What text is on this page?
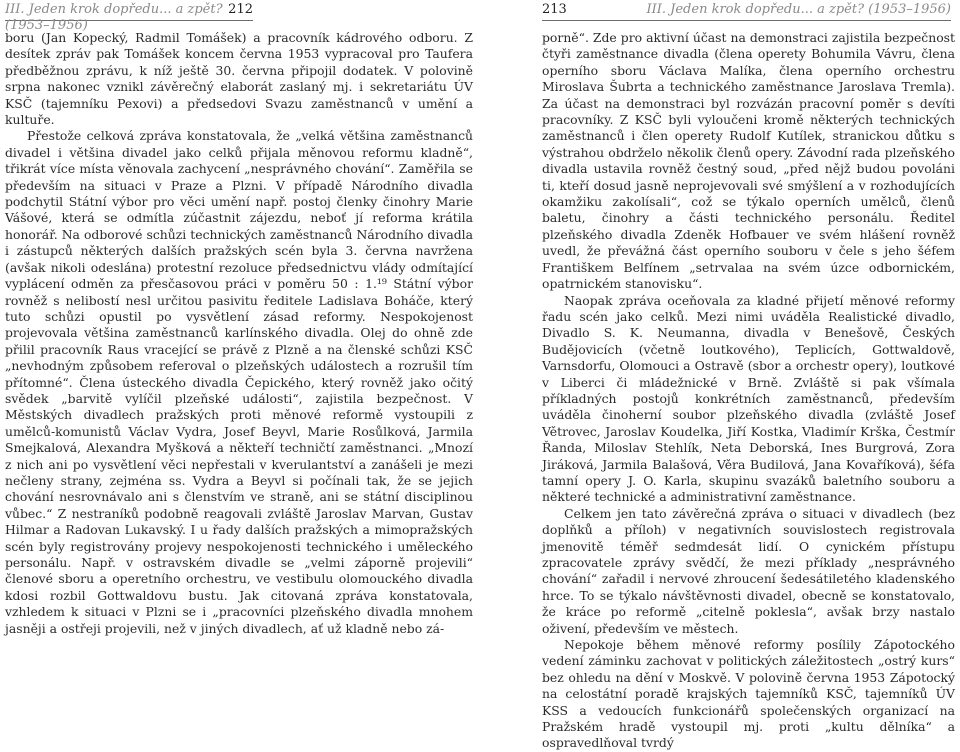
III. Jeden krok dopředu... a zpět? (1953–1956)
212

boru (Jan Kopecký, Radmil Tomášek) a pracovník kádrového odboru. Z desítek zpráv pak Tomášek koncem června 1953 vypracoval pro Taufera předběžnou zprávu, k níž ještě 30. června připojil dodatek. V polovině srpna nakonec vznikl závěrečný elaborát zaslaný mj. i sekretariátu ÚV KSČ (tajemníku Pexovi) a předsedovi Svazu zaměstnanců v umění a kultuře.

Přestože celková zpráva konstatovala, že „velká většina zaměstnanců divadel i většina divadel jako celků přijala měnovou reformu kladně“, třikrát více místa věnovala zachycení „nesprávného chování“. Zaměřila se především na situaci v Praze a Plzni. V případě Národního divadla podchytil Státní výbor pro věci umění např. postoj členky činohry Marie Vášové, která se odmítla zúčastnit zájezdu, neboť jí reforma krátila honorář. Na odborové schůzi technických zaměstnanců Národního divadla i zástupců některých dalších pražských scén byla 3. června navržena (avšak nikoli odeslána) protestní rezoluce předsednictvu vlády odmítající vyplácení odměn za přesčasovou práci v poměru 50 : 1.¹⁹ Státní výbor rovněž s nelibostí nesl určitou pasivitu ředitele Ladislava Boháče, který tuto schůzi opustil po vysvětlení zásad reformy. Nespokojenost projevovala většina zaměstnanců karlínského divadla. Olej do ohně zde přilil pracovník Raus vracející se právě z Plzně a na členské schůzi KSČ „nevhodným způsobem referoval o plzeňských událostech a rozrušil tím přítomné“. Člena ústeckého divadla Čepického, který rovněž jako očitý svědek „barvitě vylíčil plzeňské události“, zajistila bezpečnost. V Městských divadlech pražských proti měnové reformě vystoupili z umělců-komunistů Václav Vydra, Josef Beyvl, Marie Rosůlková, Jarmila Smejkalová, Alexandra Myšková a někteří techničtí zaměstnanci. „Mnozí z nich ani po vysvětlení věci nepřestali v kverulantství a zanášeli je mezi nečleny strany, zejména ss. Vydra a Beyvl si počínali tak, že se jejich chování nesrovnávalo ani s členstvím ve straně, ani se státní disciplinou vůbec.“ Z nestraníků podobně reagovali zvláště Jaroslav Marvan, Gustav Hilmar a Radovan Lukavský. I u řady dalších pražských a mimopražských scén byly registrovány projevy nespokojenosti technického i uměleckého personálu. Např. v ostravském divadle se „velmi záporně projevili“ členové sboru a operetního orchestru, ve vestibulu olomouckého divadla kdosi rozbil Gottwaldovu bustu. Jak citovaná zpráva konstatovala, vzhledem k situaci v Plzni se i „pracovníci plzeňského divadla mnohem jasněji a ostřeji projevili, než v jiných divadlech, ať už kladně nebo zá-

213	III. Jeden krok dopředu... a zpět? (1953–1956)

porně“. Zde pro aktivní účast na demonstraci zajistila bezpečnost čtyři zaměstnance divadla (člena operety Bohumila Vávru, člena operního sboru Václava Malíka, člena operního orchestru Miroslava Šubrta a technického zaměstnance Jaroslava Tremla). Za účast na demonstraci byl rozvázán pracovní poměr s devíti pracovníky. Z KSČ byli vyloučeni kromě některých technických zaměstnanců i člen operety Rudolf Kutílek, stranickou důtku s výstrahou obdrželo několik členů opery. Závodní rada plzeňského divadla ustavila rovněž čestný soud, „před nějž budou povoláni ti, kteří dosud jasně neprojevovali své smýšlení a v rozhodujících okamžiku zakolísali“, což se týkalo operních umělců, členů baletu, činohry a části technického personálu. Ředitel plzeňského divadla Zdeněk Hofbauer ve svém hlášení rovněž uvedl, že převážná část operního souboru v čele s jeho šéfem Františkem Belfínem „setrvalaa na svém úzce odbornickém, opatrnickém stanovisku“.

Naopak zpráva oceňovala za kladné přijetí měnové reformy řadu scén jako celků. Mezi nimi uváděla Realistické divadlo, Divadlo S. K. Neumanna, divadla v Benešově, Českých Budějovicích (včetně loutkového), Teplicích, Gottwaldově, Varnsdorfu, Olomouci a Ostravě (sbor a orchestr opery), loutkové v Liberci či mládežnické v Brně. Zvláště si pak všímala příkladných postojů konkrétních zaměstnanců, především uváděla činoherní soubor plzeňského divadla (zvláště Josef Větrovec, Jaroslav Koudelka, Jiří Kostka, Vladimír Krška, Čestmír Řanda, Miloslav Stehlík, Neta Deborská, Ines Burgrová, Zora Jiráková, Jarmila Balašová, Věra Budilová, Jana Kovaříková), šéfa tamní opery J. O. Karla, skupinu svazáků baletního souboru a některé technické a administrativní zaměstnance.

Celkem jen tato závěrečná zpráva o situaci v divadlech (bez doplňků a příloh) v negativních souvislostech registrovala jmenovitě téměř sedmdesát lidí. O cynickém přístupu zpracovatele zprávy svědčí, že mezi příklady „nesprávného chování“ zařadil i nervové zhroucení šedesátiletého kladenského hrce. To se týkalo návštěvnosti divadel, obecně se konstatovalo, že kráce po reformě „citelně poklesla“, avšak brzy nastalo oživení, především ve městech.

Nepokoje během měnové reformy posílily Zápotockého vedení záminku zachovat v politických záležitostech „ostrý kurs“ bez ohledu na dění v Moskvě. V polovině června 1953 Zápotocký na celostátní poradě krajských tajemníků KSČ, tajemníků ÚV KSS a vedoucích funkcionářů společenských organizací na Pražském hradě vystoupil mj. proti „kultu dělníka“ a ospravedlňoval tvrdý
